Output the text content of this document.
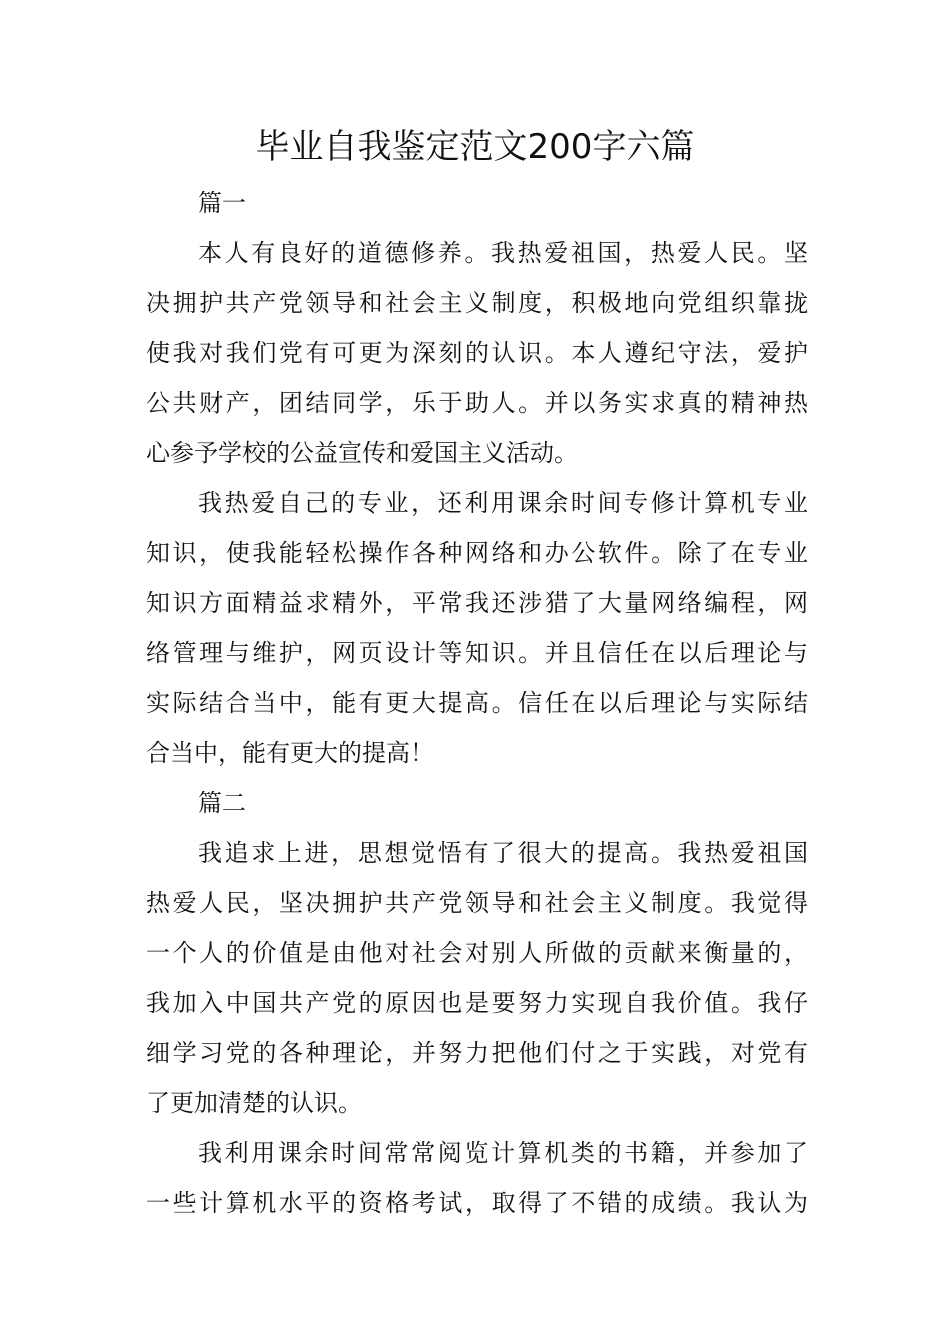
毕业自我鉴定范文200字六篇
篇一
本人有良好的道德修养。我热爱祖国，热爱人民。坚
决拥护共产党领导和社会主义制度，积极地向党组织靠拢
使我对我们党有可更为深刻的认识。本人遵纪守法，爱护
公共财产，团结同学，乐于助人。并以务实求真的精神热
心参予学校的公益宣传和爱国主义活动。
我热爱自己的专业，还利用课余时间专修计算机专业
知识，使我能轻松操作各种网络和办公软件。除了在专业
知识方面精益求精外，平常我还涉猎了大量网络编程，网
络管理与维护，网页设计等知识。并且信任在以后理论与
实际结合当中，能有更大提高。信任在以后理论与实际结
合当中，能有更大的提高！
篇二
我追求上进，思想觉悟有了很大的提高。我热爱祖国
热爱人民，坚决拥护共产党领导和社会主义制度。我觉得
一个人的价值是由他对社会对别人所做的贡献来衡量的，
我加入中国共产党的原因也是要努力实现自我价值。我仔
细学习党的各种理论，并努力把他们付之于实践，对党有
了更加清楚的认识。
我利用课余时间常常阅览计算机类的书籍，并参加了
一些计算机水平的资格考试，取得了不错的成绩。我认为
